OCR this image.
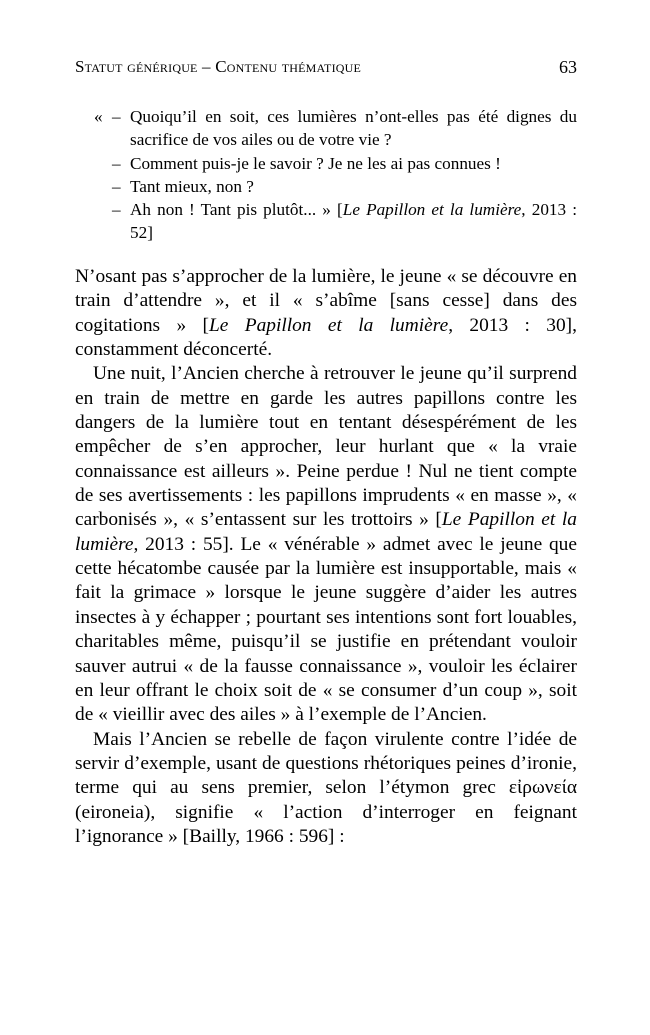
Statut générique – Contenu thématique	63
« – Quoiqu’il en soit, ces lumières n’ont-elles pas été dignes du sacrifice de vos ailes ou de votre vie ?
– Comment puis-je le savoir ? Je ne les ai pas connues !
– Tant mieux, non ?
– Ah non ! Tant pis plutôt... » [Le Papillon et la lumière, 2013 : 52]

N’osant pas s’approcher de la lumière, le jeune « se découvre en train d’attendre », et il « s’abîme [sans cesse] dans des cogitations » [Le Papillon et la lumière, 2013 : 30], constamment déconcerté.

Une nuit, l’Ancien cherche à retrouver le jeune qu’il surprend en train de mettre en garde les autres papillons contre les dangers de la lumière tout en tentant désespérément de les empêcher de s’en approcher, leur hurlant que « la vraie connaissance est ailleurs ». Peine perdue ! Nul ne tient compte de ses avertissements : les papillons imprudents « en masse », « carbonisés », « s’entassent sur les trottoirs » [Le Papillon et la lumière, 2013 : 55]. Le « vénérable » admet avec le jeune que cette hécatombe causée par la lumière est insupportable, mais « fait la grimace » lorsque le jeune suggère d’aider les autres insectes à y échapper ; pourtant ses intentions sont fort louables, charitables même, puisqu’il se justifie en prétendant vouloir sauver autrui « de la fausse connaissance », vouloir les éclairer en leur offrant le choix soit de « se consumer d’un coup », soit de « vieillir avec des ailes » à l’exemple de l’Ancien.

Mais l’Ancien se rebelle de façon virulente contre l’idée de servir d’exemple, usant de questions rhétoriques peines d’ironie, terme qui au sens premier, selon l’étymon grec εἰρωνεία (eironeia), signifie « l’action d’interroger en feignant l’ignorance » [Bailly, 1966 : 596] :
